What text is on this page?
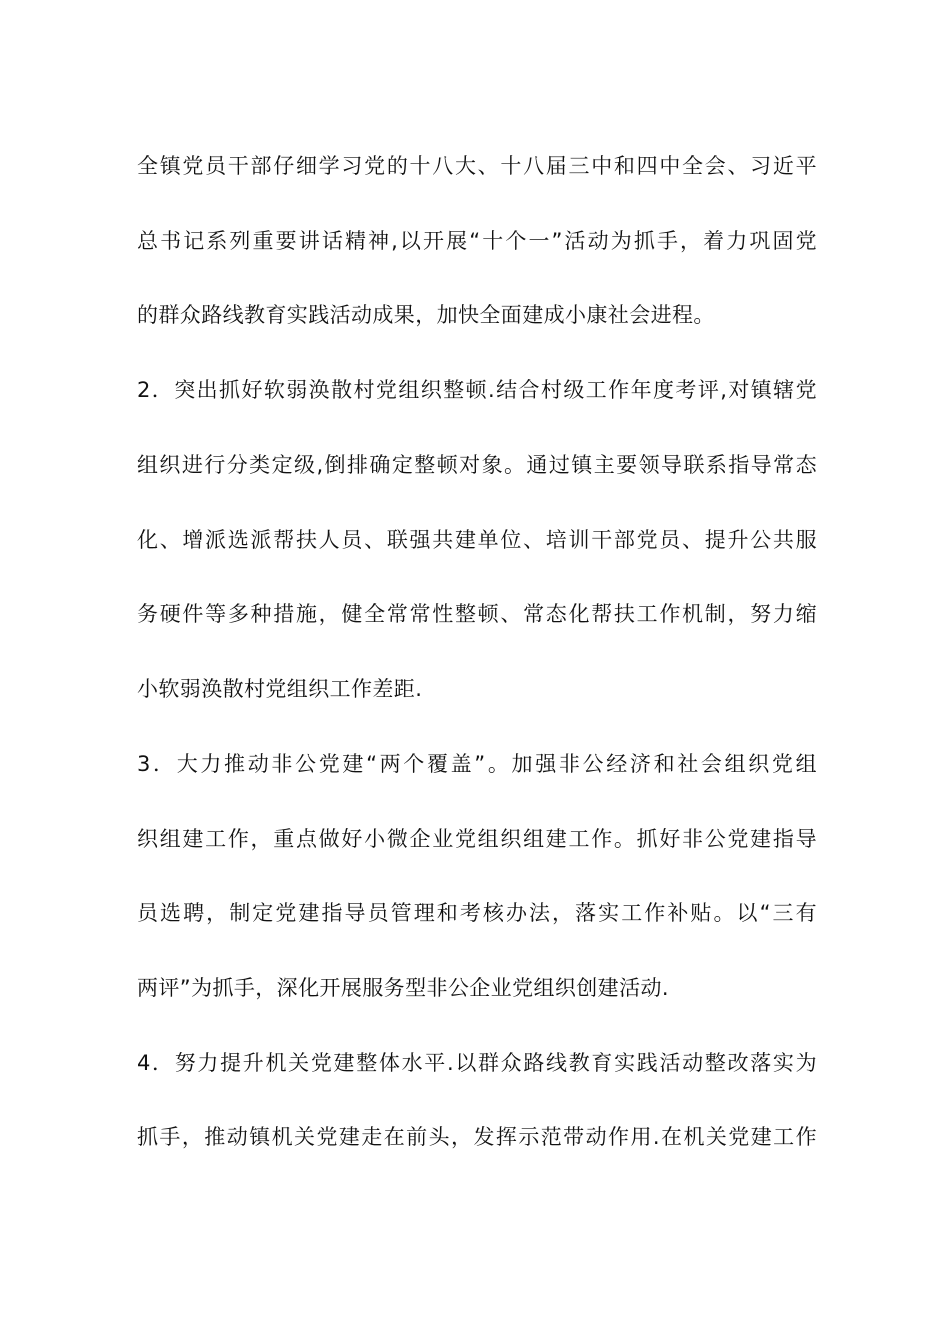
全镇党员干部仔细学习党的十八大、十八届三中和四中全会、习近平
总书记系列重要讲话精神,以开展“十个一”活动为抓手，着力巩固党
的群众路线教育实践活动成果，加快全面建成小康社会进程。
2．突出抓好软弱涣散村党组织整顿.结合村级工作年度考评,对镇辖党
组织进行分类定级,倒排确定整顿对象。通过镇主要领导联系指导常态
化、增派选派帮扶人员、联强共建单位、培训干部党员、提升公共服
务硬件等多种措施，健全常常性整顿、常态化帮扶工作机制，努力缩
小软弱涣散村党组织工作差距.
3．大力推动非公党建“两个覆盖”。加强非公经济和社会组织党组
织组建工作，重点做好小微企业党组织组建工作。抓好非公党建指导
员选聘，制定党建指导员管理和考核办法，落实工作补贴。以“三有
两评”为抓手，深化开展服务型非公企业党组织创建活动.
4．努力提升机关党建整体水平.以群众路线教育实践活动整改落实为
抓手，推动镇机关党建走在前头，发挥示范带动作用.在机关党建工作
